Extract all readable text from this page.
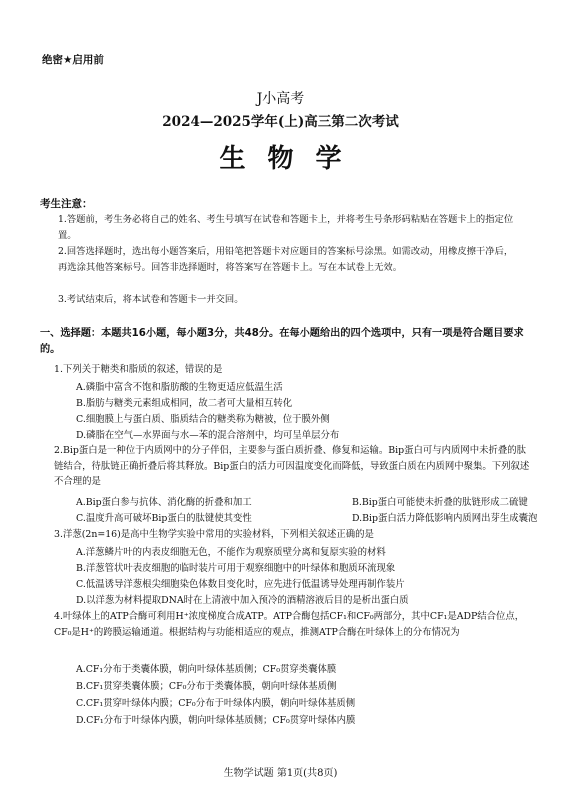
绝密★启用前
J小高考
2024—2025学年(上)高三第二次考试
生物学
考生注意：
1.答题前，考生务必将自己的姓名、考生号填写在试卷和答题卡上，并将考生号条形码粘贴在答题卡上的指定位置。
2.回答选择题时，选出每小题答案后，用铅笔把答题卡对应题目的答案标号涂黑。如需改动，用橡皮擦干净后，再选涂其他答案标号。回答非选择题时，将答案写在答题卡上。写在本试卷上无效。
3.考试结束后，将本试卷和答题卡一并交回。
一、选择题：本题共16小题，每小题3分，共48分。在每小题给出的四个选项中，只有一项是符合题目要求的。
1.下列关于糖类和脂质的叙述，错误的是
A.磷脂中富含不饱和脂肪酸的生物更适应低温生活
B.脂肪与糖类元素组成相同，故二者可大量相互转化
C.细胞膜上与蛋白质、脂质结合的糖类称为糖被，位于膜外侧
D.磷脂在空气—水界面与水—苯的混合溶剂中，均可呈单层分布
2.Bip蛋白是一种位于内质网中的分子伴侣，主要参与蛋白质折叠、修复和运输。Bip蛋白可与内质网中未折叠的肽链结合，待肽链正确折叠后将其释放。Bip蛋白的活力可因温度变化而降低，导致蛋白质在内质网中聚集。下列叙述不合理的是
A.Bip蛋白参与抗体、消化酶的折叠和加工	B.Bip蛋白可能使未折叠的肽链形成二硫键
C.温度升高可破坏Bip蛋白的肽键使其变性	D.Bip蛋白活力降低影响内质网出芽生成囊泡
3.洋葱(2n=16)是高中生物学实验中常用的实验材料，下列相关叙述正确的是
A.洋葱鳞片叶的内表皮细胞无色，不能作为观察质壁分离和复原实验的材料
B.洋葱管状叶表皮细胞的临时装片可用于观察细胞中的叶绿体和胞质环流现象
C.低温诱导洋葱根尖细胞染色体数目变化时，应先进行低温诱导处理再制作装片
D.以洋葱为材料提取DNA时在上清液中加入预冷的酒精溶液后目的是析出蛋白质
4.叶绿体上的ATP合酶可利用H⁺浓度梯度合成ATP。ATP合酶包括CF₁和CF₀两部分，其中CF₁是ADP结合位点，CF₀是H⁺的跨膜运输通道。根据结构与功能相适应的观点，推测ATP合酶在叶绿体上的分布情况为
A.CF₁分布于类囊体膜，朝向叶绿体基质侧；CF₀贯穿类囊体膜
B.CF₁贯穿类囊体膜；CF₀分布于类囊体膜，朝向叶绿体基质侧
C.CF₁贯穿叶绿体内膜；CF₀分布于叶绿体内膜，朝向叶绿体基质侧
D.CF₁分布于叶绿体内膜，朝向叶绿体基质侧；CF₀贯穿叶绿体内膜
生物学试题 第1页(共8页)
